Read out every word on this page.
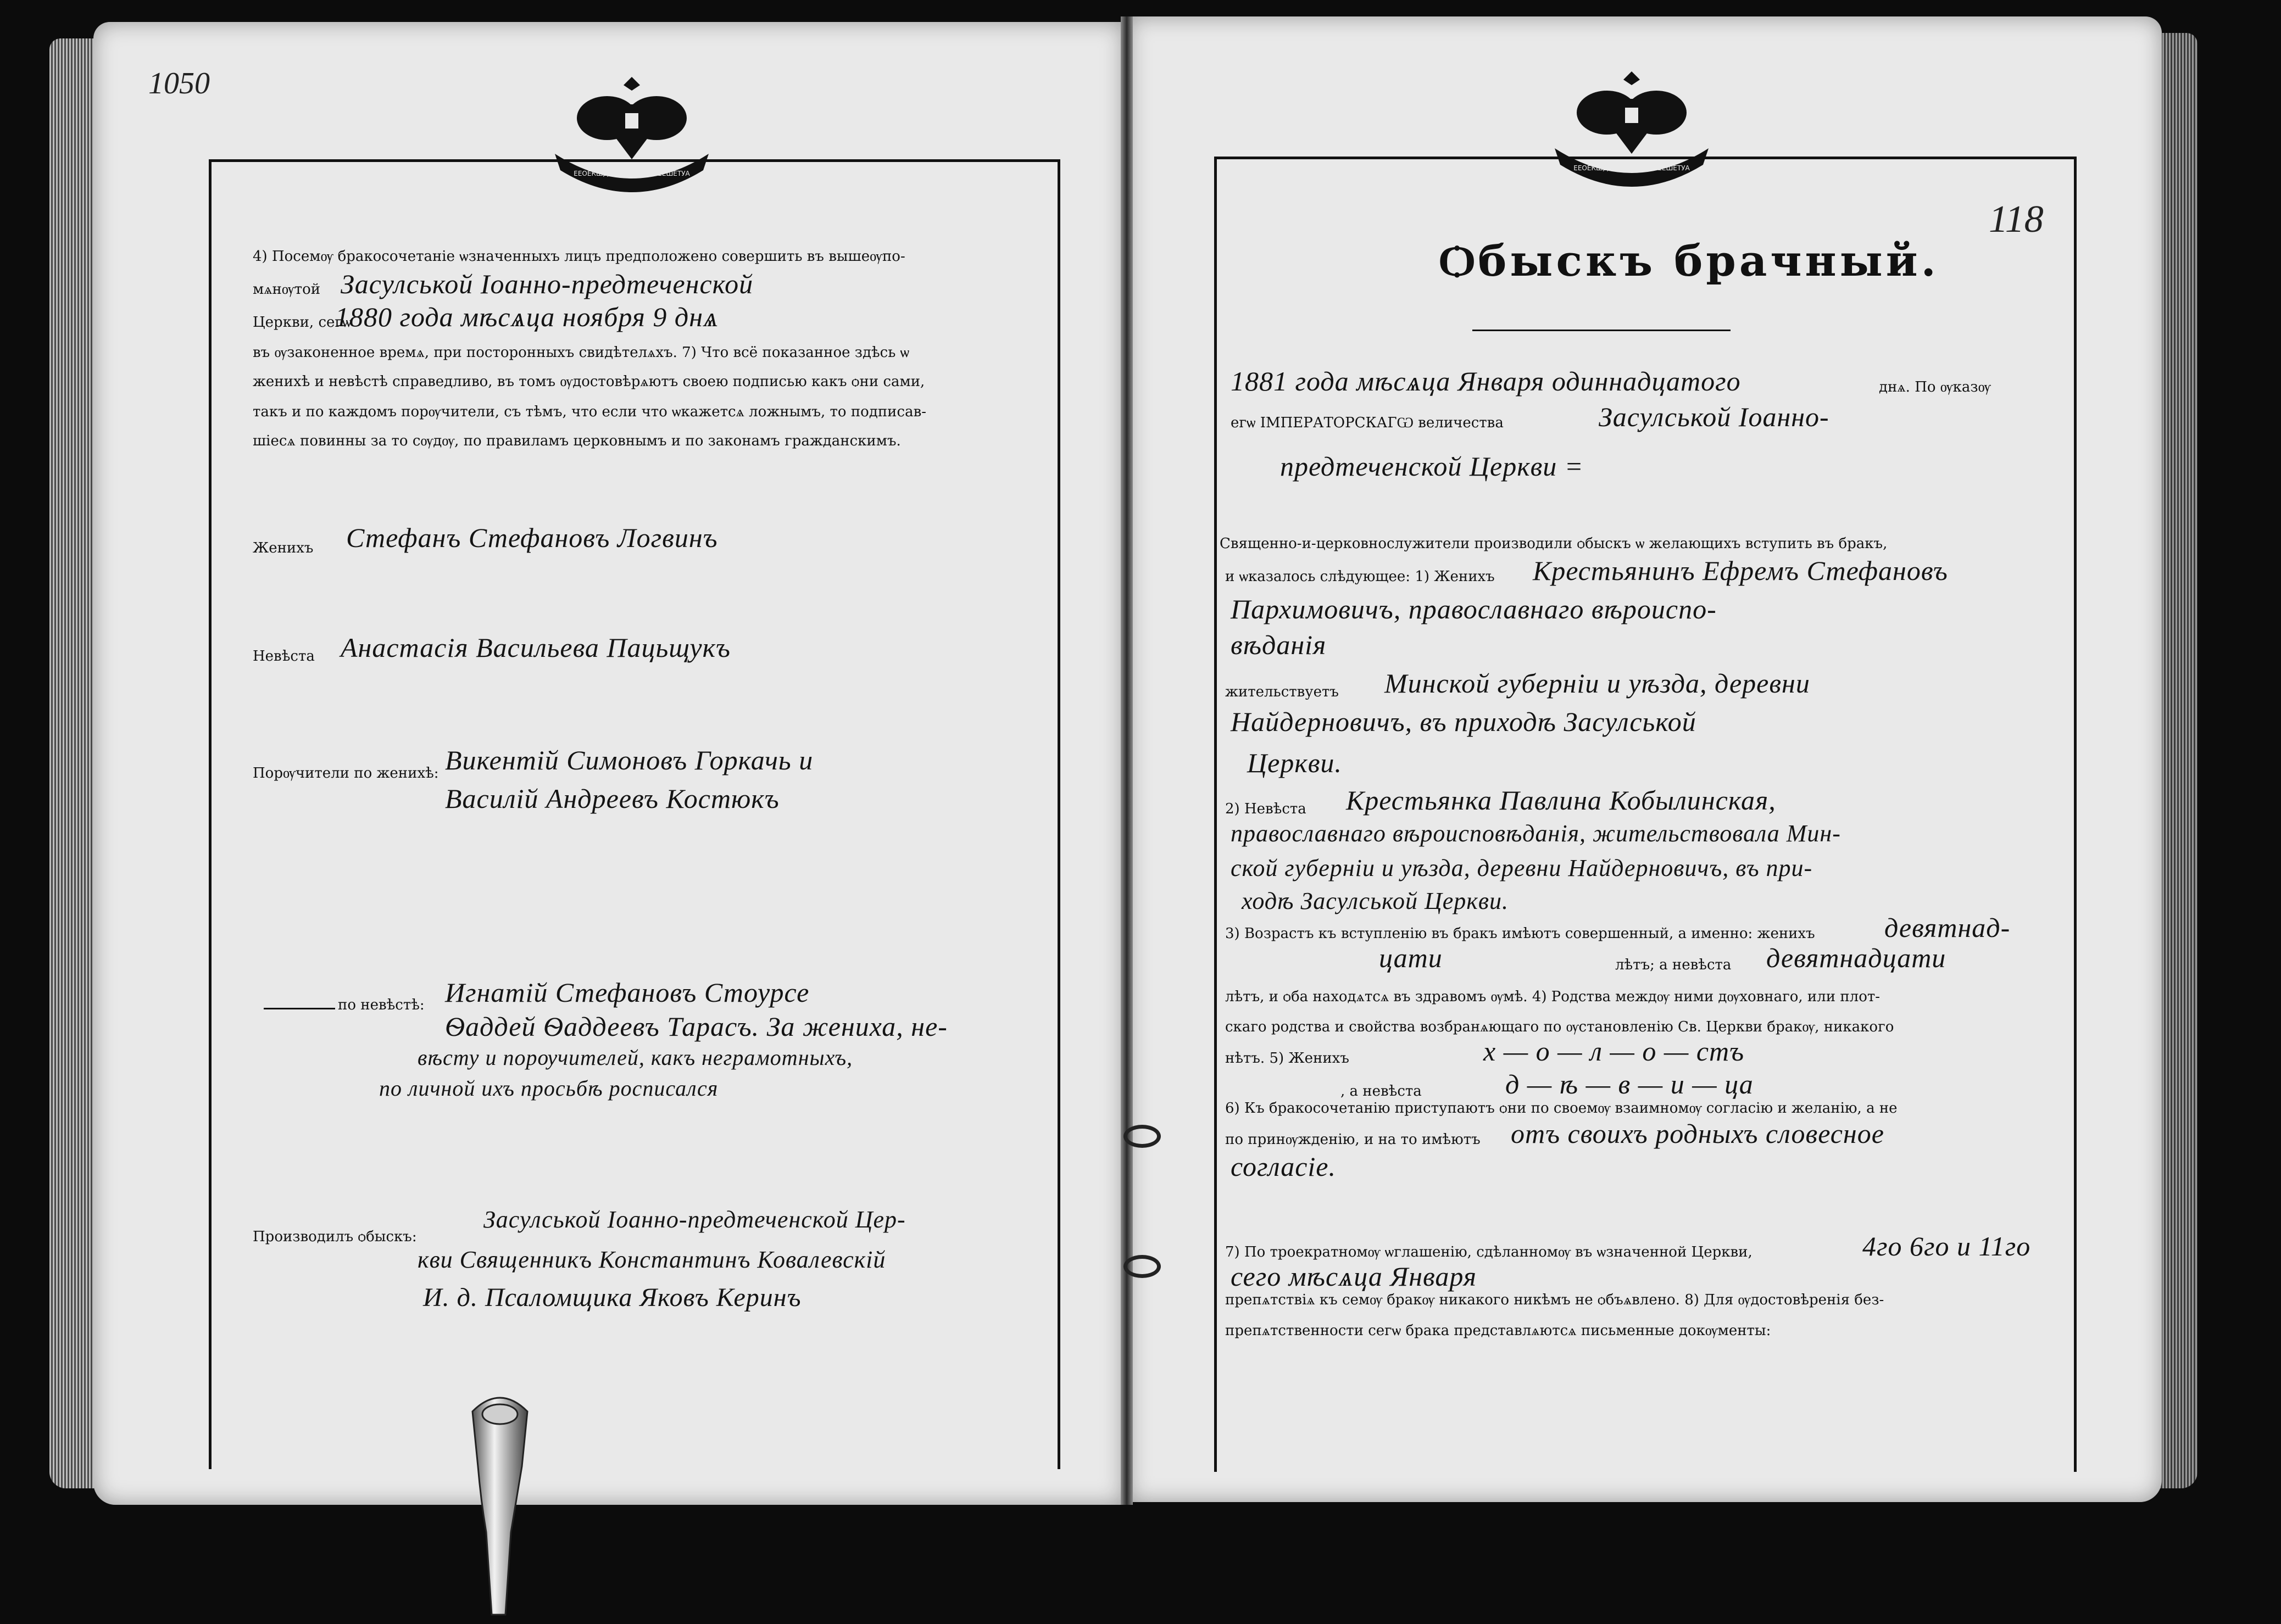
1050
118
ЕЕОЕКШДАЛЕЕТЕЕЕШЕРЕЕШЕТУА
ЕЕОЕКШДАЛЕЕТЕЕЕШЕРЕЕШЕТУА
4) Посемѹ бракосочетаніе ѡзначенныхъ лицъ предположено совершить въ вышеѹпо-
мѧнѹтой Засулськой Іоанно-предтеченской
Церкви, сегѡ
1880 года мѣсѧца ноября 9 днѧ
въ ѹзаконенное времѧ, при посторонныхъ свидѣтелѧхъ. 7) Что всё показанное здѣсь ѡ
женихѣ и невѣстѣ справедливо, въ томъ ѹдостовѣрѧютъ своею подписью какъ ѻни сами,
такъ и по каждомъ порѹчители, съ тѣмъ, что если что ѡкажетсѧ ложнымъ, то подписав-
шіесѧ повинны за то сѹдѹ, по правиламъ церковнымъ и по законамъ гражданскимъ.
Женихъ Стефанъ Стефановъ Логвинъ
Невѣста Анастасія Васильева Пацьщукъ
Порѹчители по женихѣ: Викентій Симоновъ Горкачь и
Василій Андреевъ Костюкъ
по невѣстѣ: Игнатій Стефановъ Стоурсе
Ѳаддей Ѳаддеевъ Тарасъ. За жениха, не-
вѣсту и порѹчителей, какъ неграмотныхъ,
по личной ихъ просьбѣ росписался
Производилъ ѻбыскъ:
Засулськой Іоанно-предтеченской Цер-
кви Священникъ Константинъ Ковалевскій
И. д. Псаломщика Яковъ Керинъ
Ѻбыскъ брачный.
1881 года мѣсѧца Января одиннадцатого	днѧ. По ѹказѹ
егѡ ІМПЕРАТОРСКАГѠ величества	Засулськой Іоанно-
предтеченской Церкви =
Священно-и-церковнослужители производили ѻбыскъ ѡ желающихъ вступить въ бракъ,
и ѡказалось слѣдующее: 1) Женихъ Крестьянинъ Ефремъ Стефановъ
Пархимовичъ, православнаго вѣроиспо-
вѣданія
жительствуетъ Минской губерніи и уѣзда, деревни
Найдерновичъ, въ приходѣ Засулськой
Церкви.
2) Невѣста Крестьянка Павлина Кобылинская,
православнаго вѣроисповѣданія, жительствовала Мин-
ской губерніи и уѣзда, деревни Найдерновичъ, въ при-
ходѣ Засулськой Церкви.
3) Возрастъ къ вступленію въ бракъ имѣютъ совершенный, а именно: женихъ	девятнад-
цати	лѣтъ; а невѣста девятнадцати
лѣтъ, и ѻба находѧтсѧ въ здравомъ ѹмѣ. 4) Родства междѹ ними дѹховнаго, или плот-
скаго родства и свойства возбранѧющаго по ѹстановленію Св. Церкви бракѹ, никакого
нѣтъ. 5) Женихъ	х — о — л — о — стъ
, а невѣста	д — ѣ — в — и — ца
6) Къ бракосочетанію приступаютъ ѻни по своемѹ взаимномѹ согласію и желанію, а не
по принѹжденію, и на то имѣютъ отъ своихъ родныхъ словесное
согласіе.
7) По троекратномѹ ѡглашенію, сдѣланномѹ въ ѡзначенной Церкви,	4го 6го и 11го
сего мѣсѧца Января
препѧтствіѧ къ семѹ бракѹ никакого никѣмъ не ѻбъѧвлено. 8) Для ѹдостовѣренія без-
препѧтственности сегѡ брака представлѧютсѧ письменные докѹменты:
